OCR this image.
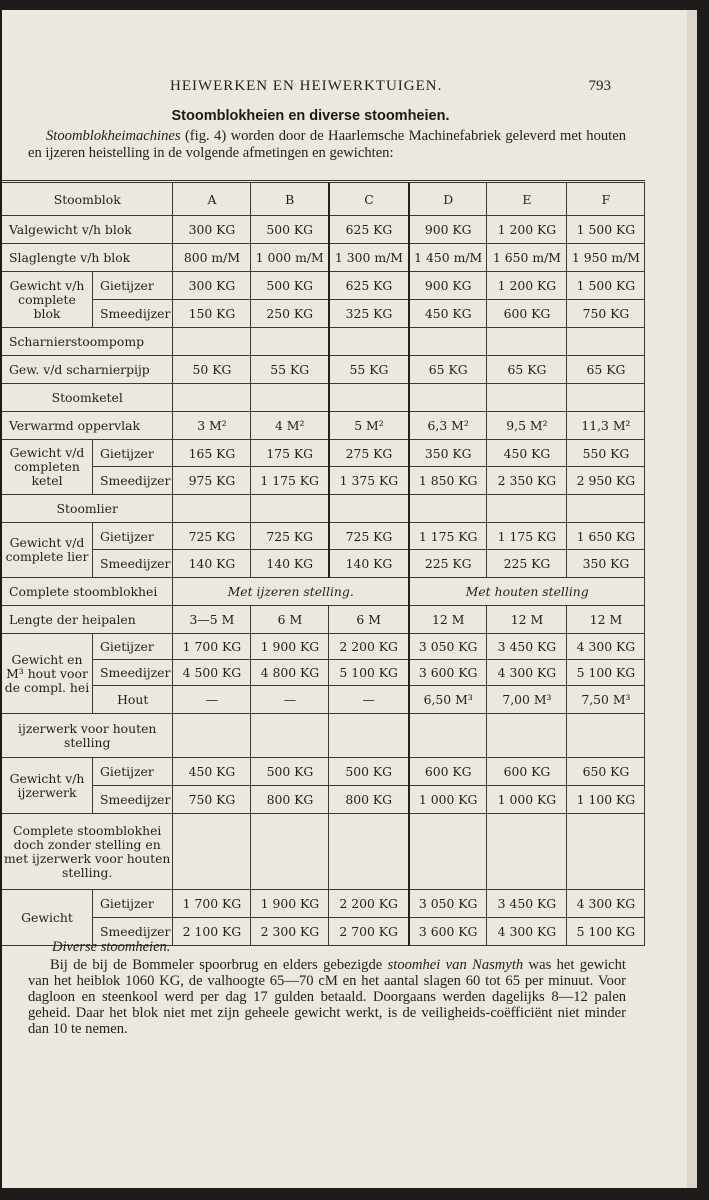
HEIWERKEN EN HEIWERKTUIGEN.	793
Stoomblokheien en diverse stoomheien.
Stoomblokheimachines (fig. 4) worden door de Haarlemsche Machinefabriek geleverd met houten en ijzeren heistelling in de volgende afmetingen en gewichten:
Stoomblok		A	B	C	D	E	F
Valgewicht v/h blok		300 KG	500 KG	625 KG	900 KG	1 200 KG	1 500 KG
Slaglengte v/h blok		800 m/M	1 000 m/M	1 300 m/M	1 450 m/M	1 650 m/M	1 950 m/M
Gewicht v/h complete blok	Gietijzer	300 KG	500 KG	625 KG	900 KG	1 200 KG	1 500 KG
	Smeedijzer	150 KG	250 KG	325 KG	450 KG	600 KG	750 KG
Scharnierstoompomp							
Gew. v/d scharnierpijp		50 KG	55 KG	55 KG	65 KG	65 KG	65 KG
Stoomketel							
Verwarmd oppervlak		3 M²	4 M²	5 M²	6,3 M²	9,5 M²	11,3 M²
Gewicht v/d completen ketel	Gietijzer	165 KG	175 KG	275 KG	350 KG	450 KG	550 KG
	Smeedijzer	975 KG	1 175 KG	1 375 KG	1 850 KG	2 350 KG	2 950 KG
Stoomlier							
Gewicht v/d complete lier	Gietijzer	725 KG	725 KG	725 KG	1 175 KG	1 175 KG	1 650 KG
	Smeedijzer	140 KG	140 KG	140 KG	225 KG	225 KG	350 KG
Complete stoomblokhei		Met ijzeren stelling.			Met houten stelling		
Lengte der heipalen		3—5 M	6 M	6 M	12 M	12 M	12 M
Gewicht en M³ hout voor de compl. hei	Gietijzer	1 700 KG	1 900 KG	2 200 KG	3 050 KG	3 450 KG	4 300 KG
	Smeedijzer	4 500 KG	4 800 KG	5 100 KG	3 600 KG	4 300 KG	5 100 KG
	Hout	—	—	—	6,50 M³	7,00 M³	7,50 M³
ijzerwerk voor houten stelling							
Gewicht v/h ijzerwerk	Gietijzer	450 KG	500 KG	500 KG	600 KG	600 KG	650 KG
	Smeedijzer	750 KG	800 KG	800 KG	1 000 KG	1 000 KG	1 100 KG
Complete stoomblokhei doch zonder stelling en met ijzerwerk voor houten stelling.							
Gewicht	Gietijzer	1 700 KG	1 900 KG	2 200 KG	3 050 KG	3 450 KG	4 300 KG
	Smeedijzer	2 100 KG	2 300 KG	2 700 KG	3 600 KG	4 300 KG	5 100 KG
Diverse stoomheien.
Bij de bij de Bommeler spoorbrug en elders gebezigde stoomhei van Nasmyth was het gewicht van het heiblok 1060 KG, de valhoogte 65—70 cM en het aantal slagen 60 tot 65 per minuut. Voor dagloon en steenkool werd per dag 17 gulden betaald. Doorgaans werden dagelijks 8—12 palen geheid. Daar het blok niet met zijn geheele gewicht werkt, is de veiligheids-coëfficiënt niet minder dan 10 te nemen.
